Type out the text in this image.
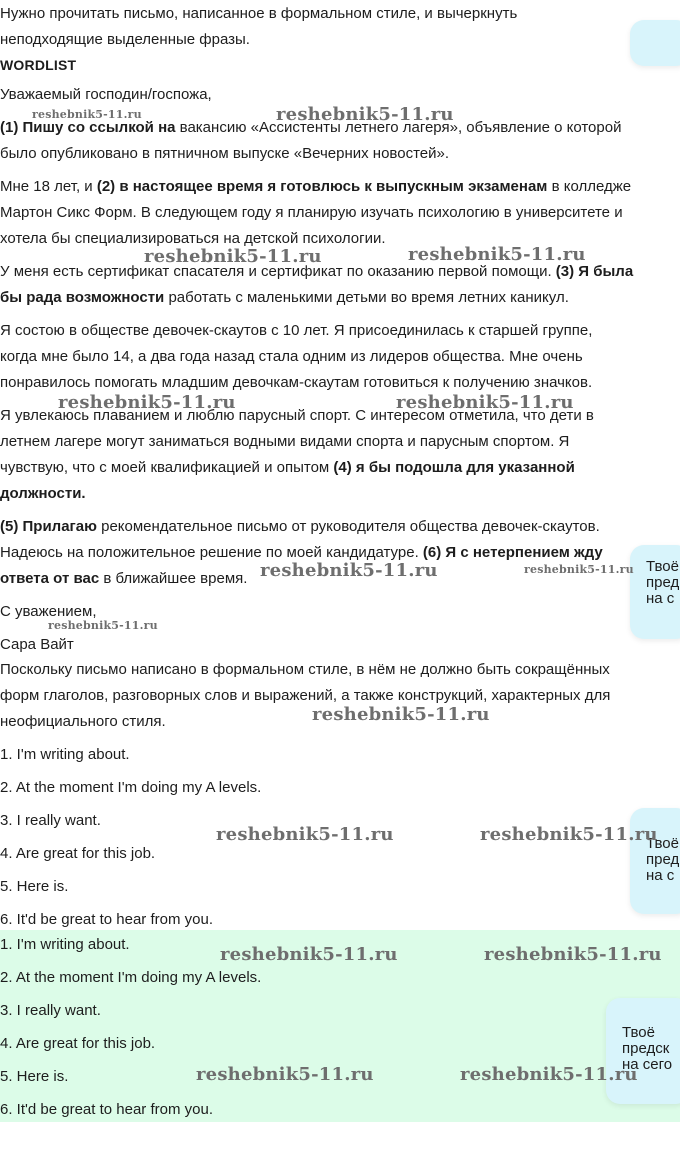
Нужно прочитать письмо, написанное в формальном стиле, и вычеркнуть

неподходящие выделенные фразы.

WORDLIST

Уважаемый господин/госпожа,

(1) Пишу со ссылкой на вакансию «Ассистенты летнего лагеря», объявление о которой

было опубликовано в пятничном выпуске «Вечерних новостей».

Мне 18 лет, и (2) в настоящее время я готовлюсь к выпускным экзаменам в колледже

Мартон Сикс Форм. В следующем году я планирую изучать психологию в университете и

хотела бы специализироваться на детской психологии.

У меня есть сертификат спасателя и сертификат по оказанию первой помощи. (3) Я была

бы рада возможности работать с маленькими детьми во время летних каникул.

Я состою в обществе девочек-скаутов с 10 лет. Я присоединилась к старшей группе,

когда мне было 14, а два года назад стала одним из лидеров общества. Мне очень

понравилось помогать младшим девочкам-скаутам готовиться к получению значков.

Я увлекаюсь плаванием и люблю парусный спорт. С интересом отметила, что дети в

летнем лагере могут заниматься водными видами спорта и парусным спортом. Я

чувствую, что с моей квалификацией и опытом (4) я бы подошла для указанной

должности.

(5) Прилагаю рекомендательное письмо от руководителя общества девочек-скаутов.

Надеюсь на положительное решение по моей кандидатуре. (6) Я с нетерпением жду

ответа от вас в ближайшее время.

С уважением,

Сара Вайт

Поскольку письмо написано в формальном стиле, в нём не должно быть сокращённых

форм глаголов, разговорных слов и выражений, а также конструкций, характерных для

неофициального стиля.

1. I'm writing about.

2. At the moment I'm doing my A levels.

3. I really want.

4. Are great for this job.

5. Here is.

6. It'd be great to hear from you.

1. I'm writing about.

2. At the moment I'm doing my A levels.

3. I really want.

4. Are great for this job.

5. Here is.

6. It'd be great to hear from you.

Твоё
пред
на с
Твоё
пред
на с
Твоё
предск
на сего
reshebnik5-11.ru	reshebnik5-11.ru
reshebnik5-11.ru	reshebnik5-11.ru
reshebnik5-11.ru	reshebnik5-11.ru
reshebnik5-11.ru	reshebnik5-11.ru
reshebnik5-11.ru
reshebnik5-11.ru
reshebnik5-11.ru	reshebnik5-11.ru
reshebnik5-11.ru	reshebnik5-11.ru
reshebnik5-11.ru	reshebnik5-11.ru
